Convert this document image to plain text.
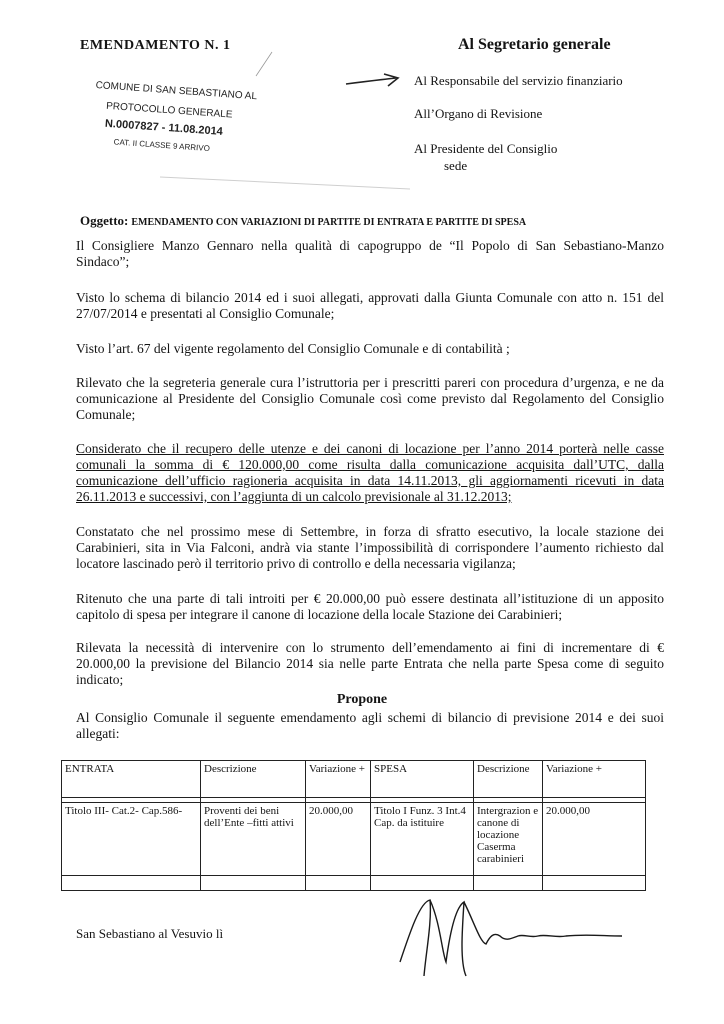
EMENDAMENTO N. 1	Al Segretario generale
Al Responsabile del servizio finanziario
All’Organo di Revisione
Al Presidente del Consiglio
sede
COMUNE DI SAN SEBASTIANO AL
PROTOCOLLO GENERALE
N.0007827 - 11.08.2014
CAT. II CLASSE 9 ARRIVO
Oggetto: EMENDAMENTO CON VARIAZIONI DI PARTITE DI ENTRATA E PARTITE DI SPESA
Il Consigliere Manzo Gennaro nella qualità di capogruppo de “Il Popolo di San Sebastiano-Manzo Sindaco”;
Visto lo schema di bilancio 2014 ed i suoi allegati, approvati dalla Giunta Comunale con atto n. 151 del 27/07/2014 e presentati al Consiglio Comunale;
Visto l’art. 67 del vigente regolamento del Consiglio Comunale e di contabilità ;
Rilevato che la segreteria generale cura l’istruttoria per i prescritti pareri con procedura d’urgenza, e ne da comunicazione al Presidente del Consiglio Comunale così come previsto dal Regolamento del Consiglio Comunale;
Considerato che il recupero delle utenze e dei canoni di locazione per l’anno 2014 porterà nelle casse comunali la somma di € 120.000,00 come risulta dalla comunicazione acquisita dall’UTC, dalla comunicazione dell’ufficio ragioneria acquisita in data 14.11.2013, gli aggiornamenti ricevuti in data 26.11.2013 e successivi, con l’aggiunta di un calcolo previsionale al 31.12.2013;
Constatato che nel prossimo mese di Settembre, in forza di sfratto esecutivo, la locale stazione dei Carabinieri, sita in Via Falconi, andrà via stante l’impossibilità di corrispondere l’aumento richiesto dal locatore lascinado però il territorio privo di controllo e della necessaria vigilanza;
Ritenuto che una parte di tali introiti per € 20.000,00 può essere destinata all’istituzione di un apposito capitolo di spesa per integrare il canone di locazione della locale Stazione dei Carabinieri;
Rilevata la necessità di intervenire con lo strumento dell’emendamento ai fini di incrementare di € 20.000,00 la previsione del Bilancio 2014 sia nelle parte Entrata che nella parte Spesa come di seguito indicato;
Propone
Al Consiglio Comunale il seguente emendamento agli schemi di bilancio di previsione 2014 e dei suoi allegati:
ENTRATA	Descrizione	Variazione +	SPESA	Descrizione	Variazione +

Titolo III- Cat.2- Cap.586-	Proventi dei beni dell’Ente –fitti attivi	20.000,00	Titolo I Funz. 3 Int.4 Cap. da istituire	Intergrazion e canone di locazione Caserma carabinieri	20.000,00

San Sebastiano al Vesuvio lì
